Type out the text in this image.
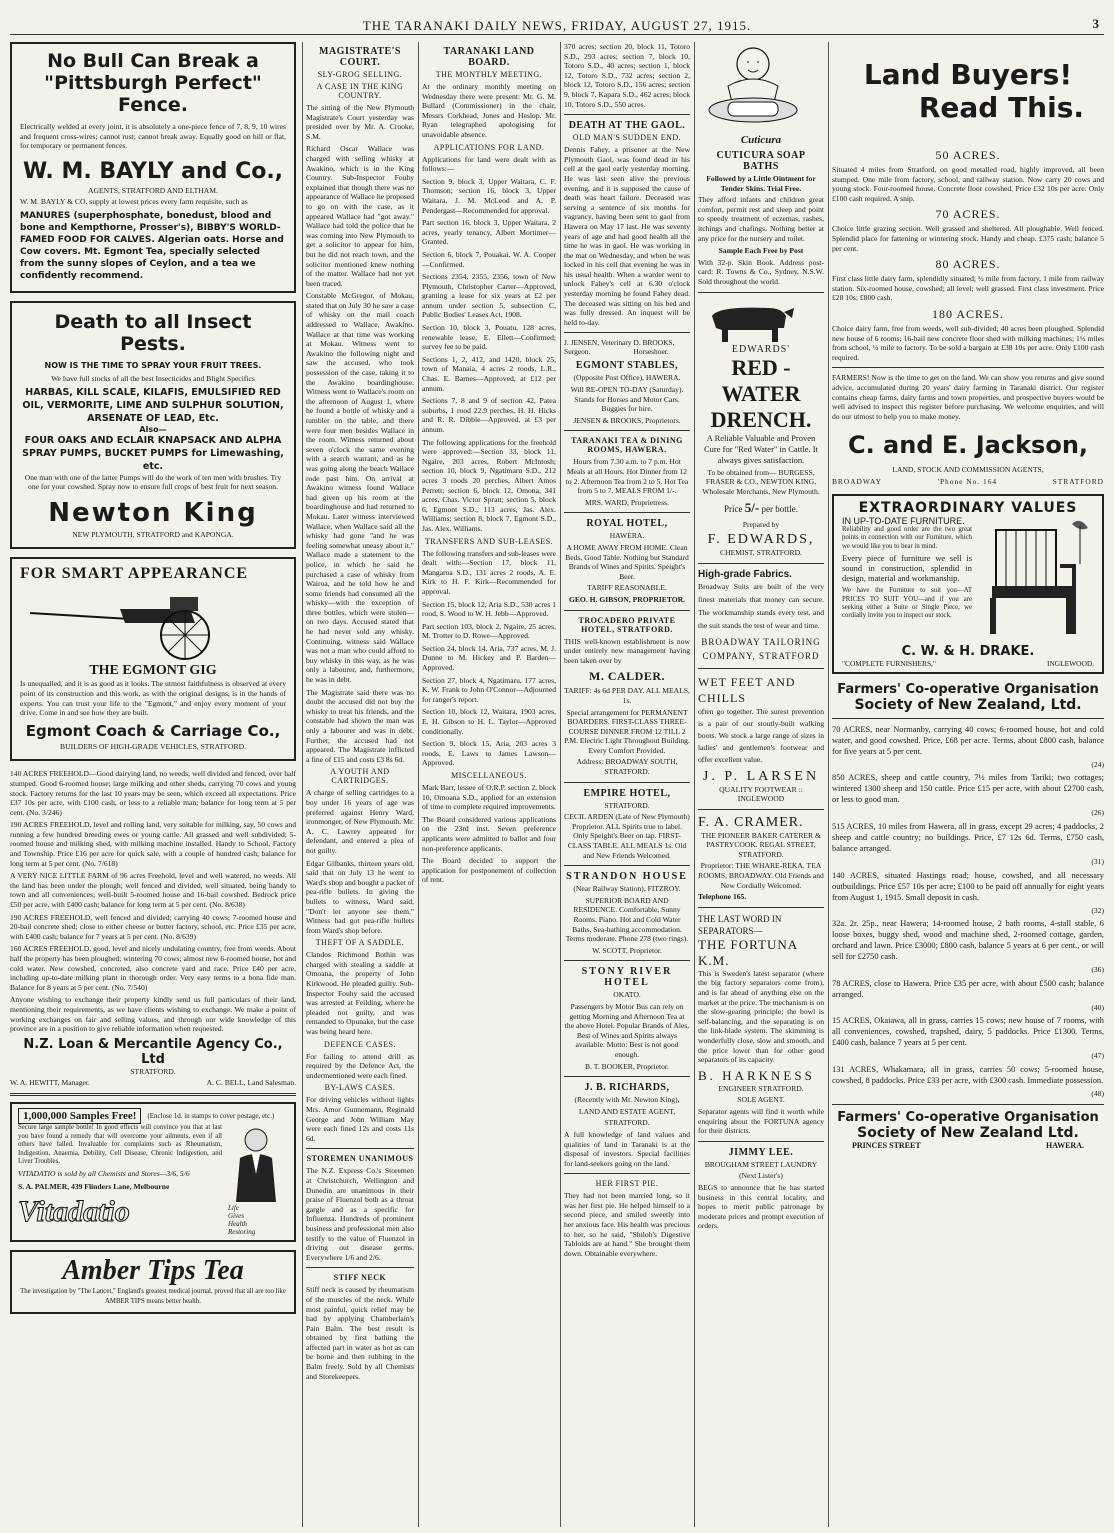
THE TARANAKI DAILY NEWS, FRIDAY, AUGUST 27, 1915.	3
No Bull Can Break a
"Pittsburgh Perfect" Fence.

Electrically welded at every joint, it is absolutely a one-piece fence of 7, 8, 9, 10 wires and frequent cross-wires; cannot rust; cannot break away. Equally good on hill or flat, for temporary or permanent fences.

W. M. BAYLY and Co.,
AGENTS, STRATFORD AND ELTHAM.

W. M. BAYLY & CO. supply at lowest prices every farm requisite, such as

MANURES (superphosphate, bonedust, blood and bone and Kempthorne, Prosser's), BIBBY'S WORLD-FAMED FOOD FOR CALVES. Algerian oats. Horse and Cow covers. Mt. Egmont Tea, specially selected from the sunny slopes of Ceylon, and a tea we confidently recommend.

Death to all Insect Pests.
NOW IS THE TIME TO SPRAY YOUR FRUIT TREES.

We have full stocks of all the best Insecticides and Blight Specifics

HARBAS, KILL SCALE, KILAFIS, EMULSIFIED RED OIL, VERMORITE, LIME AND SULPHUR SOLUTION, ARSENATE OF LEAD, Etc.
Also—
FOUR OAKS AND ECLAIR KNAPSACK AND ALPHA SPRAY PUMPS, BUCKET PUMPS for Limewashing, etc.

One man with one of the latter Pumps will do the work of ten men with brushes. Try one for your cowshed. Spray now to ensure full crops of best fruit for next season.

Newton King
NEW PLYMOUTH, STRATFORD and KAPONGA.
FOR SMART APPEARANCE
THE EGMONT GIG

Is unequalled, and it is as good as it looks. The utmost faithfulness is observed at every point of its construction and this work, as with the original designs, is in the hands of experts. You can trust your life to the "Egmont," and enjoy every moment of your drive. Come in and see how they are built.

Egmont Coach & Carriage Co.,
BUILDERS OF HIGH-GRADE VEHICLES, STRATFORD.

140 ACRES FREEHOLD—Good dairying land, no weeds; well divided and fenced, over half stumped. Good 6-roomed house; large milking and other sheds, carrying 70 cows and young stock. Factory returns for the last 10 years may be seen, which exceed all expectations. Price £37 10s per acre, with £100 cash, or less to a reliable man; balance for long term at 5 per cent. (No. 3/246)

190 ACRES FREEHOLD, level and rolling land, very suitable for milking, say, 50 cows and running a few hundred breeding ewes or young cattle. All grassed and well subdivided; 5-roomed house and milking shed, with milking machine installed. Handy to School, Factory and Township. Price £16 per acre for quick sale, with a couple of hundred cash; balance for long term at 5 per cent. (No. 7/618)

A VERY NICE LITTLE FARM of 96 acres Freehold, level and well watered, no weeds. All the land has been under the plough; well fenced and divided, well situated, being handy to town and all conveniences; well-built 5-roomed house and 16-bail cowshed. Bedrock price £50 per acre, with £400 cash; balance for long term at 5 per cent. (No. 8/638)

190 ACRES FREEHOLD, well fenced and divided; carrying 40 cows; 7-roomed house and 20-bail concrete shed; close to either cheese or butter factory, school, etc. Price £35 per acre, with £400 cash; balance for 7 years at 5 per cent. (No. 8/639)

160 ACRES FREEHOLD, good, level and nicely undulating country, free from weeds. About half the property has been ploughed; wintering 70 cows; almost new 6-roomed house, hot and cold water. New cowshed, concreted, also concrete yard and race. Price £40 per acre, including up-to-date milking plant in thorough order. Very easy terms to a bona fide man. Balance for 8 years at 5 per cent. (No. 7/540)

Anyone wishing to exchange their property kindly send us full particulars of their land, mentioning their requirements, as we have clients wishing to exchange. We make a point of working exchanges on fair and selling values, and through our wide knowledge of this province are in a position to give reliable information when requested.

N.Z. Loan & Mercantile Agency Co., Ltd
STRATFORD.
W. A. HEWITT, Manager.	A. C. BELL, Land Salesman.
1,000,000 Samples Free!	(Enclose 1d. in stamps to cover postage, etc.)

Secure large sample bottle! In good effects will convince you that at last you have found a remedy that will overcome your ailments, even if all others have failed. Invaluable for complaints such as Rheumatism, Indigestion, Anaemia, Debility, Cell Disease, Chronic Indigestion, and Liver Troubles.

VITADATIO is sold by all Chemists and Stores—3/6, 5/6

S. A. PALMER, 439 Flinders Lane, Melbourne

Vitadatio	Life
Gives
Health
Restoring
Amber Tips Tea

The investigation by "The Lancet," England's greatest medical journal, proved that all are too like AMBER TIPS means better health.

MAGISTRATE'S COURT.
SLY-GROG SELLING.
A CASE IN THE KING COUNTRY.

The sitting of the New Plymouth Magistrate's Court yesterday was presided over by Mr. A. Crooke, S.M.

Richard Oscar Wallace was charged with selling whisky at Awakino, which is in the King Country. Sub-Inspector Fouhy explained that though there was no appearance of Wallace he proposed to go on with the case, as it appeared Wallace had "got away." Wallace had told the police that he was coming into New Plymouth to get a solicitor to appear for him, but he did not reach town, and the solicitor mentioned knew nothing of the matter. Wallace had not yet been traced.

Constable McGregor, of Mokau, stated that on July 30 he saw a case of whisky on the mail coach addressed to Wallace, Awakino. Wallace at that time was working at Mokau. Witness went to Awakino the following night and saw the accused, who took possession of the case, taking it to the Awakino boardinghouse. Witness went to Wallace's room on the afternoon of August 1, where he found a bottle of whisky and a tumbler on the table, and there were four men besides Wallace in the room. Witness returned about seven o'clock the same evening with a search warrant, and as he was going along the beach Wallace rode past him. On arrival at Awakino witness found Wallace had given up his room at the boardinghouse and had returned to Mokau. Later witness interviewed Wallace, when Wallace said all the whisky had gone "and he was feeling somewhat uneasy about it." Wallace made a statement to the police, in which he said he purchased a case of whisky from Wairoa, and he told how he and some friends had consumed all the whisky—with the exception of three bottles, which were stolen—on two days. Accused stated that he had never sold any whisky. Continuing, witness said Wallace was not a man who could afford to buy whisky in this way, as he was only a labourer, and, furthermore, he was in debt.

The Magistrate said there was no doubt the accused did not buy the whisky to treat his friends, and the constable had shown the man was only a labourer and was in debt. Further, the accused had not appeared. The Magistrate inflicted a fine of £15 and costs £3 8s 6d.

A YOUTH AND CARTRIDGES.

A charge of selling cartridges to a boy under 16 years of age was preferred against Henry Ward, ironmonger, of New Plymouth. Mr. A. C. Lawrey appeared for defendant, and entered a plea of not guilty.

Edgar Gilbanks, thirteen years old, said that on July 13 he went to Ward's shop and bought a packet of pea-rifle bullets. In giving the bullets to witness, Ward said, "Don't let anyone see them." Witness had got pea-rifle bullets from Ward's shop before.

THEFT OF A SADDLE.

Clandos Richmond Bothin was charged with stealing a saddle at Omoana, the property of John Kirkwood. He pleaded guilty. Sub-Inspector Fouhy said the accused was arrested at Feilding, where he pleaded not guilty, and was remanded to Opunake, but the case was being heard here.

DEFENCE CASES.

For failing to attend drill as required by the Defence Act, the undermentioned were each fined.

BY-LAWS CASES.

For driving vehicles without lights Mrs. Amor Gunnemann, Reginald George and John William May were each fined 12s and costs 11s 6d.

STOREMEN UNANIMOUS

The N.Z. Express Co.'s Storemen at Christchurch, Wellington and Dunedin are unanimous in their praise of Fluenzol both as a throat gargle and as a specific for Influenza. Hundreds of prominent business and professional men also testify to the value of Fluenzol in driving out disease germs. Everywhere 1/6 and 2/6.

STIFF NECK

Stiff neck is caused by rheumatism of the muscles of the neck. While most painful, quick relief may be had by applying Chamberlain's Pain Balm. The best result is obtained by first bathing the affected part in water as hot as can be borne and then rubbing in the Balm freely. Sold by all Chemists and Storekeepers.

TARANAKI LAND BOARD.
THE MONTHLY MEETING.

At the ordinary monthly meeting on Wednesday there were present: Mr. G. M. Bullard (Commissioner) in the chair, Messrs Corkhead, Jones and Heslop. Mr. Ryan telegraphed apologising for unavoidable absence.

APPLICATIONS FOR LAND.

Applications for land were dealt with as follows:—

Section 9, block 3, Upper Waitara, C. F. Thomson; section 16, block 3, Upper Waitara, J. M. McLeod and A. P. Pendergast—Recommended for approval.

Part section 16, block 3, Upper Waitara, 2 acres, yearly tenancy, Albert Mortimer—Granted.

Section 6, block 7, Pouakai, W. A. Cooper—Confirmed.

Sections 2354, 2355, 2356, town of New Plymouth, Christopher Carter—Approved, granting a lease for six years at £2 per annum under section 5, subsection C, Public Bodies' Leases Act, 1908.

Section 10, block 3, Pouatu, 128 acres, renewable lease, E. Ellett—Confirmed; survey fee to be paid.

Sections 1, 2, 412, and 1420, block 25, town of Manaia, 4 acres 2 roods, L.R., Chas. E. Barnes—Approved, at £12 per annum.

Sections 7, 8 and 9 of section 42, Patea suburbs, 1 rood 22.9 perches, H. H. Hicks and R. R. Dibble—Approved, at £3 per annum.

The following applications for the freehold were approved:—Section 33, block 11, Ngaire, 203 acres, Robert McIntosh; section 10, block 9, Ngatimaru S.D., 212 acres 3 roods 20 perches, Albert Amos Perrett; section 6, block 12, Omona, 341 acres, Chas. Victor Spratt; section 5, block 6, Egmont S.D., 113 acres, Jas. Alex. Williams; section 8, block 7, Egmont S.D., Jas. Alex. Williams.

TRANSFERS AND SUB-LEASES.

The following transfers and sub-leases were dealt with:—Section 17, block 11, Mangaroa S.D., 131 acres 2 roods, A. E. Kirk to H. F. Kirk—Recommended for approval.

Section 15, block 12, Aria S.D., 530 acres 1 rood, S. Wood to W. H. Jebb—Approved.

Part section 103, block 2, Ngaire, 25 acres, M. Trotter to D. Rowe—Approved.

Section 24, block 14, Aria, 737 acres, M. J. Dunne to M. Hickey and P. Barden—Approved.

Section 27, block 4, Ngatimaru, 177 acres, K. W. Frank to John O'Connor—Adjourned for ranger's report.

Section 10, block 12, Waitara, 1903 acres, E. H. Gibson to H. L. Taylor—Approved conditionally.

Section 9, block 15, Aria, 203 acres 3 roods, E. Laws to James Lawson—Approved.

MISCELLANEOUS.

Mark Barr, lessee of O.R.P. section 2, block 10, Omoana S.D., applied for an extension of time to complete required improvements.

The Board considered various applications on the 23rd inst. Seven preference applicants were admitted to ballot and four non-preference applicants.

The Board decided to support the application for postponement of collection of rent.

370 acres; section 20, block 11, Totoro S.D., 293 acres; section 7, block 10, Totoro S.D., 40 acres; section 1, block 12, Totoro S.D., 732 acres; section 2, block 12, Totoro S.D., 156 acres; section 9, block 7, Kapara S.D., 462 acres; block 10, Totoro S.D., 550 acres.

DEATH AT THE GAOL.
OLD MAN'S SUDDEN END.

Dennis Fahey, a prisoner at the New Plymouth Gaol, was found dead in his cell at the gaol early yesterday morning. He was last seen alive the previous evening, and it is supposed the cause of death was heart failure. Deceased was serving a sentence of six months for vagrancy, having been sent to gaol from Hawera on May 17 last. He was seventy years of age and had good health all the time he was in gaol. He was working in the mat on Wednesday, and when he was locked in his cell that evening he was in his usual health. When a warder went to unlock Fahey's cell at 6.30 o'clock yesterday morning he found Fahey dead. The deceased was sitting on his bed and was fully dressed. An inquest will be held to-day.

J. JENSEN, Veterinary Surgeon.
D. BROOKS, Horseshoer.
EGMONT STABLES,

(Opposite Post Office), HAWERA.

Will RE-OPEN TO-DAY (Saturday). Stands for Horses and Motor Cars. Buggies for hire.

JENSEN & BROOKS, Proprietors.

TARANAKI TEA & DINING ROOMS, HAWERA.

Hours from 7.30 a.m. to 7 p.m. Hot Meals at all Hours. Hot Dinner from 12 to 2. Afternoon Tea from 2 to 5. Hot Tea from 5 to 7. MEALS FROM 1/-.

MRS. WARD, Proprietress.

ROYAL HOTEL,

HAWERA.

A HOME AWAY FROM HOME. Clean Beds, Good Table. Nothing but Standard Brands of Wines and Spirits. Speight's Beer.

TARIFF REASONABLE.

GEO. H. GIBSON, PROPRIETOR.

TROCADERO PRIVATE HOTEL, STRATFORD.

THIS well-known establishment is now under entirely new management having been taken over by

M. CALDER.

TARIFF: 4s 6d PER DAY. ALL MEALS, 1s.

Special arrangement for PERMANENT BOARDERS. FIRST-CLASS THREE-COURSE DINNER FROM 12 TILL 2 P.M. Electric Light Throughout Building. Every Comfort Provided.

Address: BROADWAY SOUTH, STRATFORD.

EMPIRE HOTEL,

STRATFORD.

CECIL ARDEN (Late of New Plymouth) Proprietor. ALL Spirits true to label. Only Speight's Beer on tap. FIRST-CLASS TABLE. ALL MEALS 1s. Old and New Friends Welcomed.

STRANDON HOUSE

(Near Railway Station), FITZROY.

SUPERIOR BOARD AND RESIDENCE. Comfortable, Sunny Rooms. Piano. Hot and Cold Water Baths. Sea-bathing accommodation. Terms moderate. Phone 278 (two rings).

W. SCOTT, Proprietor.

STONY RIVER HOTEL

OKATO.

Passengers by Motor Bus can rely on getting Morning and Afternoon Tea at the above Hotel. Popular Brands of Ales, Best of Wines and Spirits always available. Motto: Best is not good enough.

B. T. BOOKER, Proprietor.

J. B. RICHARDS,

(Recently with Mr. Newton King),

LAND AND ESTATE AGENT,

STRATFORD.

A full knowledge of land values and qualities of land in Taranaki is at the disposal of investors. Special facilities for land-seekers going on the land.

HER FIRST PIE.

They had not been married long, so it was her first pie. He helped himself to a second piece, and smiled sweetly into her anxious face. His health was precious to her, so he said, "Shiloh's Digestive Tabloids are at hand." She brought them down. Obtainable everywhere.

Cuticura
CUTICURA SOAP BATHS

Followed by a Little Ointment for Tender Skins. Trial Free.

They afford infants and children great comfort, permit rest and sleep and point to speedy treatment of eczemas, rashes, itchings and chafings. Nothing better at any price for the nursery and toilet.

Sample Each Free by Post

With 32-p. Skin Book. Address post-card: R. Towns & Co., Sydney, N.S.W. Sold throughout the world.

EDWARDS'
RED - WATER
DRENCH.

A Reliable Valuable and Proven Cure for "Red Water" in Cattle. It always gives satisfaction.

To be obtained from— BURGESS, FRASER & CO., NEWTON KING, Wholesale Merchants, New Plymouth.

Price 5/- per bottle.

Prepared by

F. EDWARDS,

CHEMIST, STRATFORD.

High-grade Fabrics.

Broadway Suits are built of the very finest materials that money can secure. The workmanship stands every test, and the suit stands the test of wear and time.

BROADWAY TAILORING COMPANY, STRATFORD

WET FEET AND CHILLS

often go together. The surest prevention is a pair of our stoutly-built walking boots. We stock a large range of sizes in ladies' and gentlemen's footwear and offer excellent value.

J. P. LARSEN

QUALITY FOOTWEAR :: INGLEWOOD

F. A. CRAMER.

THE PIONEER BAKER CATERER & PASTRYCOOK. REGAL STREET, STRATFORD.

Proprietor: THE WHARE-REKA. TEA ROOMS, BROADWAY. Old Friends and New Cordially Welcomed.

Telephone 165.

THE LAST WORD IN SEPARATORS—
THE FORTUNA K.M.

This is Sweden's latest separator (where the big factory separators come from), and is far ahead of anything else on the market at the price. The mechanism is on the slow-gearing principle; the bowl is self-balancing, and the separating is on the link-blade system. The skimming is wonderfully close, slow and smooth, and the price lower than for other good separators of its capacity.

B. HARKNESS

ENGINEER STRATFORD.

SOLE AGENT.

Separator agents will find it worth while enquiring about the FORTUNA agency for their districts.

JIMMY LEE.

BROUGHAM STREET LAUNDRY

(Next Lister's)

BEGS to announce that he has started business in this central locality, and hopes to merit public patronage by moderate prices and prompt execution of orders.

Land Buyers!
Read This.
50 ACRES.

Situated 4 miles from Stratford, on good metalled road, highly improved, all been stumped. One mile from factory, school, and railway station. Now carry 20 cows and young stock. Four-roomed house. Concrete floor cowshed. Price £32 10s per acre. Only £100 cash required. A snip.

70 ACRES.

Choice little grazing section. Well grassed and sheltered. All ploughable. Well fenced. Splendid place for fattening or wintering stock. Handy and cheap. £375 cash; balance 5 per cent.

80 ACRES.

First class little dairy farm, splendidly situated; ½ mile from factory, 1 mile from railway station. Six-roomed house, cowshed; all level; well grassed. First class investment. Price £28 10s; £800 cash.

180 ACRES.

Choice dairy farm, free from weeds, well sub-divided; 40 acres been ploughed. Splendid new house of 6 rooms; 16-bail new concrete floor shed with milking machines; 1½ miles from school, ½ mile to factory. To be sold a bargain at £38 10s per acre. Only £100 cash required.

FARMERS! Now is the time to get on the land. We can show you returns and give sound advice, accumulated during 20 years' dairy farming in Taranaki district. Our register contains cheap farms, dairy farms and town properties, and prospective buyers would be well advised to inspect this register before purchasing. We welcome enquiries, and will do our utmost to help you to make money.

C. and E. Jackson,

LAND, STOCK AND COMMISSION AGENTS,

BROADWAY	'Phone No. 164	STRATFORD
EXTRAORDINARY VALUES
IN UP-TO-DATE FURNITURE.

Reliability and good order are the two great points in connection with our Furniture, which we would like you to bear in mind.

Every piece of furniture we sell is sound in construction, splendid in design, material and workmanship.

We have the Furniture to suit you—AT PRICES TO SUIT YOU—and if you are seeking either a Suite or Single Piece, we cordially invite you to inspect our stock.

C. W. & H. DRAKE.
"COMPLETE FURNISHERS,"	INGLEWOOD.
Farmers' Co-operative Organisation
Society of New Zealand, Ltd.

70 ACRES, near Normanby, carrying 40 cows; 6-roomed house, hot and cold water, and good cowshed. Price, £68 per acre. Terms, about £800 cash, balance for five years at 5 per cent.

(24)

850 ACRES, sheep and cattle country, 7½ miles from Tariki; two cottages; wintered 1300 sheep and 150 cattle. Price £15 per acre, with about £2700 cash, or less to good man.

(26)

515 ACRES, 10 miles from Hawera, all in grass, except 29 acres; 4 paddocks, 2 sheep and cattle country; no buildings. Price, £7 12s 6d. Terms, £750 cash, balance arranged.

(31)

140 ACRES, situated Hastings road; house, cowshed, and all necessary outbuildings. Price £57 10s per acre; £100 to be paid off annually for eight years from August 1, 1915. Small deposit in cash.

(32)

32a. 2r. 25p., near Hawera; 14-roomed house, 2 bath rooms, 4-stall stable, 6 loose boxes, buggy shed, wood and machine shed, 2-roomed cottage, garden, orchard and lawn. Price £3000; £800 cash, balance 5 years at 6 per cent., or will sell for £2750 cash.

(36)

78 ACRES, close to Hawera. Price £35 per acre, with about £500 cash; balance arranged.

(40)

15 ACRES, Okaiawa, all in grass, carries 15 cows; new house of 7 rooms, with all conveniences, cowshed, trapshed, dairy, 5 paddocks. Price £1300. Terms, £400 cash, balance 7 years at 5 per cent.

(47)

131 ACRES, Whakamara, all in grass, carries 50 cows; 5-roomed house, cowshed, 8 paddocks. Price £33 per acre, with £300 cash. Immediate possession.

(48)

Farmers' Co-operative Organisation
Society of New Zealand Ltd.
PRINCES STREET	HAWERA.
